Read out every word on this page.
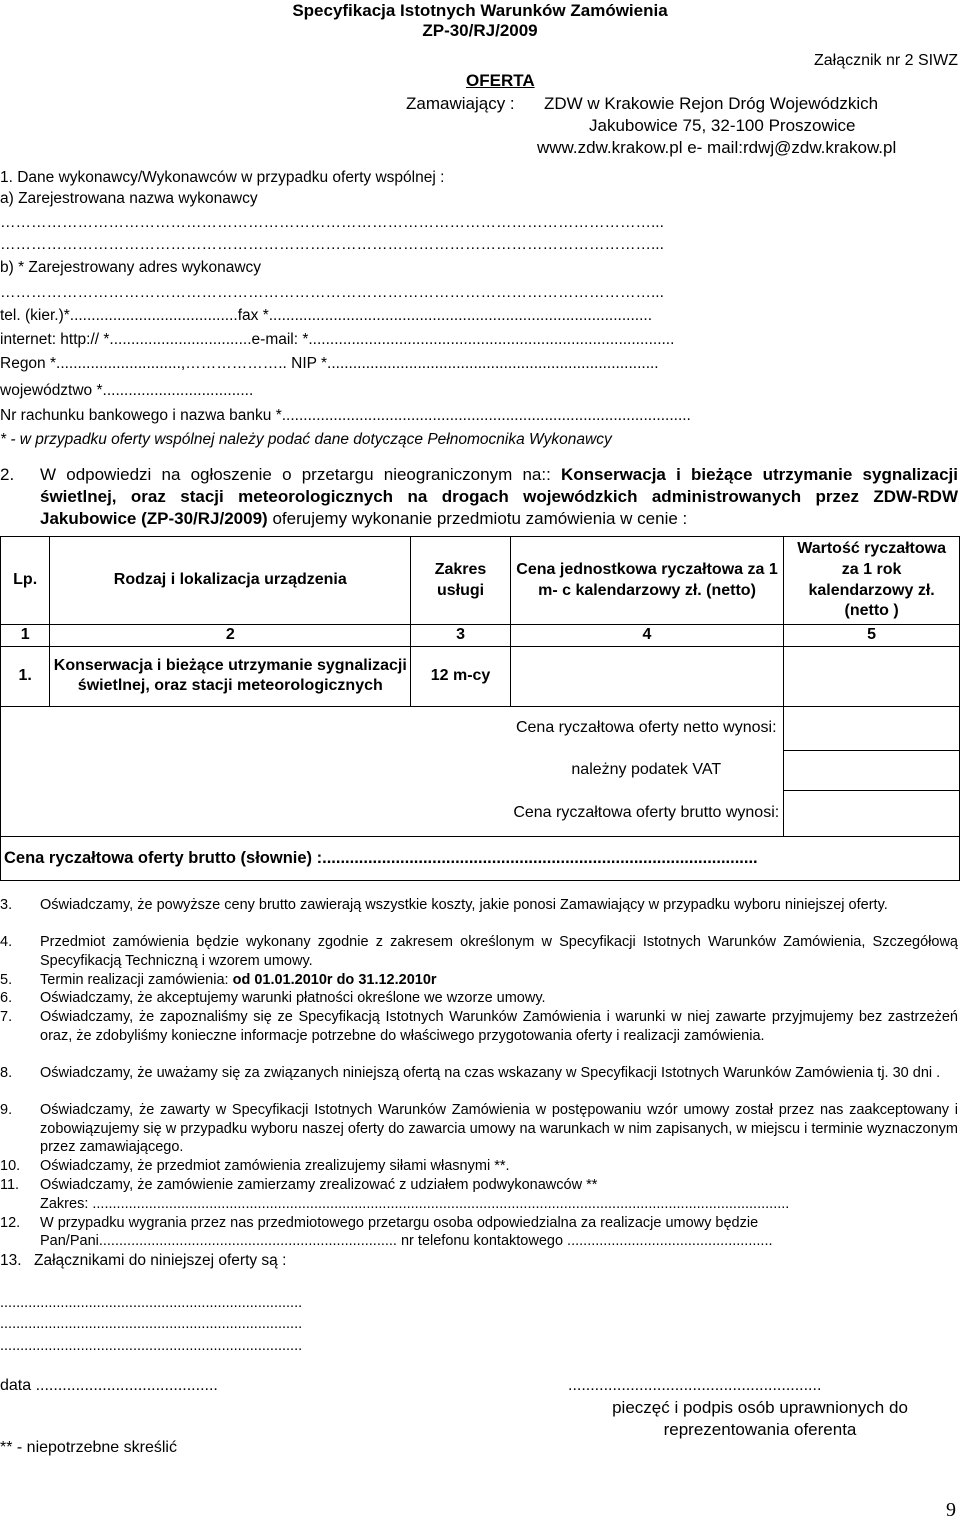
Specyfikacja Istotnych Warunków Zamówienia
ZP-30/RJ/2009
Załącznik nr 2 SIWZ
OFERTA
Zamawiający : ZDW w Krakowie Rejon Dróg Wojewódzkich
Jakubowice 75, 32-100 Proszowice
www.zdw.krakow.pl e- mail:rdwj@zdw.krakow.pl
1. Dane wykonawcy/Wykonawców w przypadku oferty wspólnej :
a) Zarejestrowana nazwa wykonawcy
………………………………………………………………………………………………………………...
………………………………………………………………………………………………………………...
b) * Zarejestrowany adres wykonawcy
………………………………………………………………………………………………………………...
tel. (kier.)*.......................................fax *.........................................................................................
internet: http:// *.................................e-mail: *.....................................................................................
Regon *.............................,……………….. NIP *.............................................................................
województwo *...................................
Nr rachunku bankowego i nazwa banku *...............................................................................................
* - w przypadku oferty wspólnej należy podać dane dotyczące Pełnomocnika Wykonawcy
2. W odpowiedzi na ogłoszeniе o przetargu nieograniczonym na:: Konserwacja i bieżące utrzymanie sygnalizacji świetlnej, oraz stacji meteorologicznych na drogach wojewódzkich administrowanych przez ZDW-RDW Jakubowice (ZP-30/RJ/2009) oferujemy wykonanie przedmiotu zamówienia w cenie :
Lp.	Rodzaj i lokalizacja urządzenia	Zakres usługi	Cena jednostkowa ryczałtowa za 1 m- c kalendarzowy zł. (netto)	Wartość ryczałtowa za 1 rok kalendarzowy zł. (netto )
1	2	3	4	5
1.	Konserwacja i bieżące utrzymanie sygnalizacji świetlnej, oraz stacji meteorologicznych	12 m-cy		
			Cena ryczałtowa oferty netto wynosi:	
			należny podatek VAT	
			Cena ryczałtowa oferty brutto wynosi:	
Cena ryczałtowa oferty brutto (słownie) :...............................................................................................				
3. Oświadczamy, że powyższe ceny brutto zawierają wszystkie koszty, jakie ponosi Zamawiający w przypadku wyboru niniejszej oferty.
4. Przedmiot zamówienia będzie wykonany zgodnie z zakresem określonym w Specyfikacji Istotnych Warunków Zamówienia, Szczegółową Specyfikacją Techniczną i wzorem umowy.
5. Termin realizacji zamówienia: od 01.01.2010r do 31.12.2010r
6. Oświadczamy, że akceptujemy warunki płatności określone we wzorze umowy.
7. Oświadczamy, że zapoznaliśmy się ze Specyfikacją Istotnych Warunków Zamówienia i warunki w niej zawarte przyjmujemy bez zastrzeżeń oraz, że zdobyliśmy konieczne informacje potrzebne do właściwego przygotowania oferty i realizacji zamówienia.
8. Oświadczamy, że uważamy się za związanych niniejszą ofertą na czas wskazany w Specyfikacji Istotnych Warunków Zamówienia tj. 30 dni .
9. Oświadczamy, że zawarty w Specyfikacji Istotnych Warunków Zamówienia w postępowaniu wzór umowy został przez nas zaakceptowany i zobowiązujemy się w przypadku wyboru naszej oferty do zawarcia umowy na warunkach w nim zapisanych, w miejscu i terminie wyznaczonym przez zamawiającego.
10. Oświadczamy, że przedmiot zamówienia zrealizujemy siłami własnymi **.
11. Oświadczamy, że zamówienie zamierzamy zrealizować z udziałem podwykonawców **
Zakres: .............................................................................................................................................................................
12. W przypadku wygrania przez nas przedmiotowego przetargu osoba odpowiedzialna za realizacje umowy będzie
Pan/Pani.......................................................................... nr telefonu kontaktowego ...................................................
13. Załącznikami do niniejszej oferty są :
...........................................................................
...........................................................................
...........................................................................
data .........................................	.........................................................
pieczęć i podpis osób uprawnionych do
reprezentowania oferenta
** - niepotrzebne skreślić
9
